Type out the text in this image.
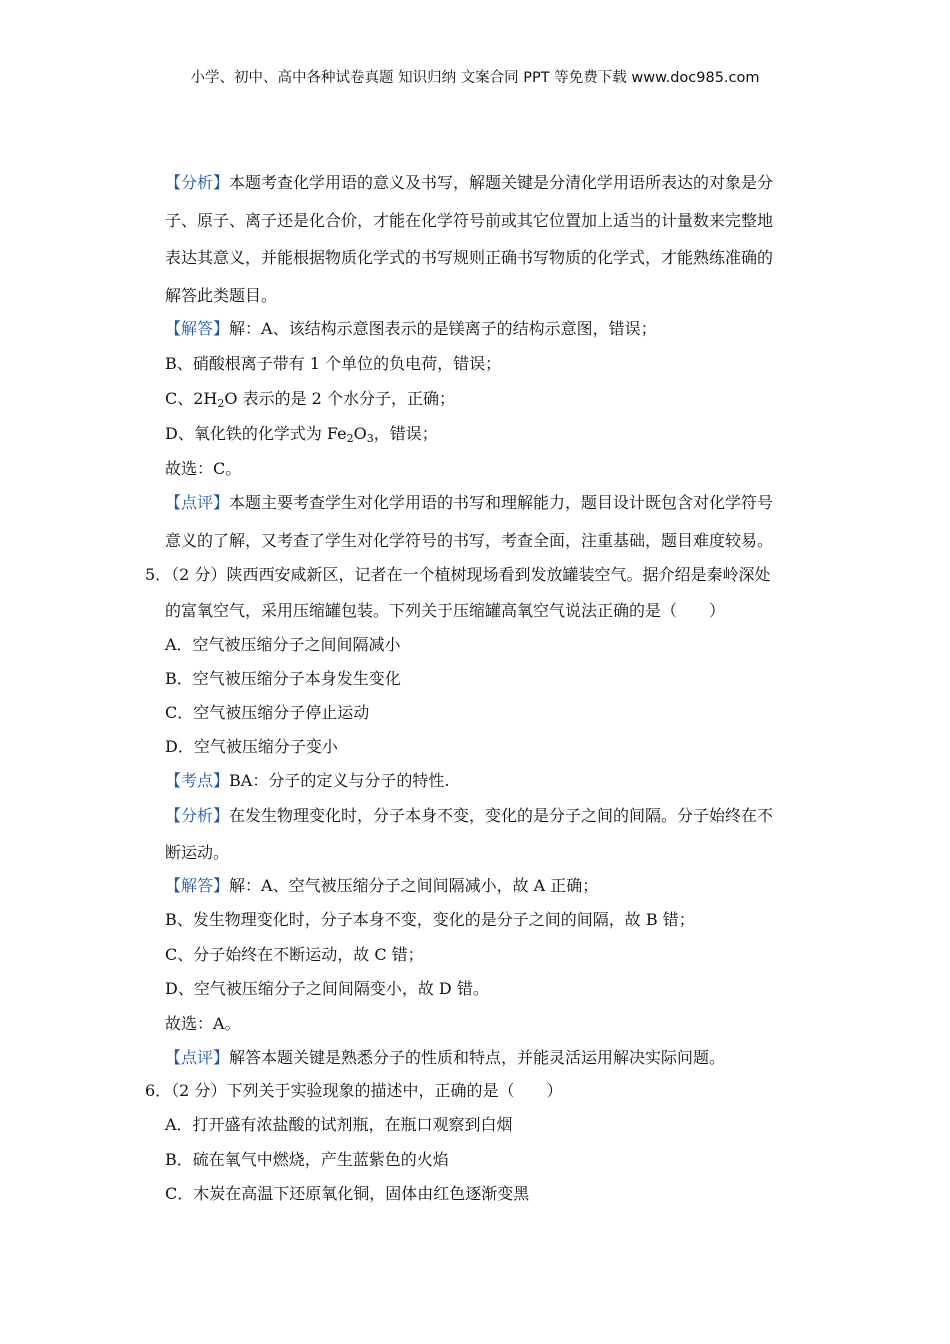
小学、初中、高中各种试卷真题 知识归纳 文案合同 PPT 等免费下载 www.doc985.com
【分析】本题考查化学用语的意义及书写，解题关键是分清化学用语所表达的对象是分
子、原子、离子还是化合价，才能在化学符号前或其它位置加上适当的计量数来完整地
表达其意义，并能根据物质化学式的书写规则正确书写物质的化学式，才能熟练准确的
解答此类题目。
【解答】解：A、该结构示意图表示的是镁离子的结构示意图，错误；
B、硝酸根离子带有 1 个单位的负电荷，错误；
C、$2H_2O$ 表示的是 2 个水分子，正确；
D、氧化铁的化学式为 $Fe_2O_3$，错误；
故选：C。
【点评】本题主要考查学生对化学用语的书写和理解能力，题目设计既包含对化学符号
意义的了解，又考查了学生对化学符号的书写，考查全面，注重基础，题目难度较易。
5．（2 分）陕西西安咸新区，记者在一个植树现场看到发放罐装空气。据介绍是秦岭深处
的富氧空气，采用压缩罐包装。下列关于压缩罐高氧空气说法正确的是（　　）
A．空气被压缩分子之间间隔减小
B．空气被压缩分子本身发生变化
C．空气被压缩分子停止运动
D．空气被压缩分子变小
【考点】BA：分子的定义与分子的特性.
【分析】在发生物理变化时，分子本身不变，变化的是分子之间的间隔。分子始终在不
断运动。
【解答】解：A、空气被压缩分子之间间隔减小，故 A 正确；
B、发生物理变化时，分子本身不变，变化的是分子之间的间隔，故 B 错；
C、分子始终在不断运动，故 C 错；
D、空气被压缩分子之间间隔变小，故 D 错。
故选：A。
【点评】解答本题关键是熟悉分子的性质和特点，并能灵活运用解决实际问题。
6．（2 分）下列关于实验现象的描述中，正确的是（　　）
A．打开盛有浓盐酸的试剂瓶，在瓶口观察到白烟
B．硫在氧气中燃烧，产生蓝紫色的火焰
C．木炭在高温下还原氧化铜，固体由红色逐渐变黑
